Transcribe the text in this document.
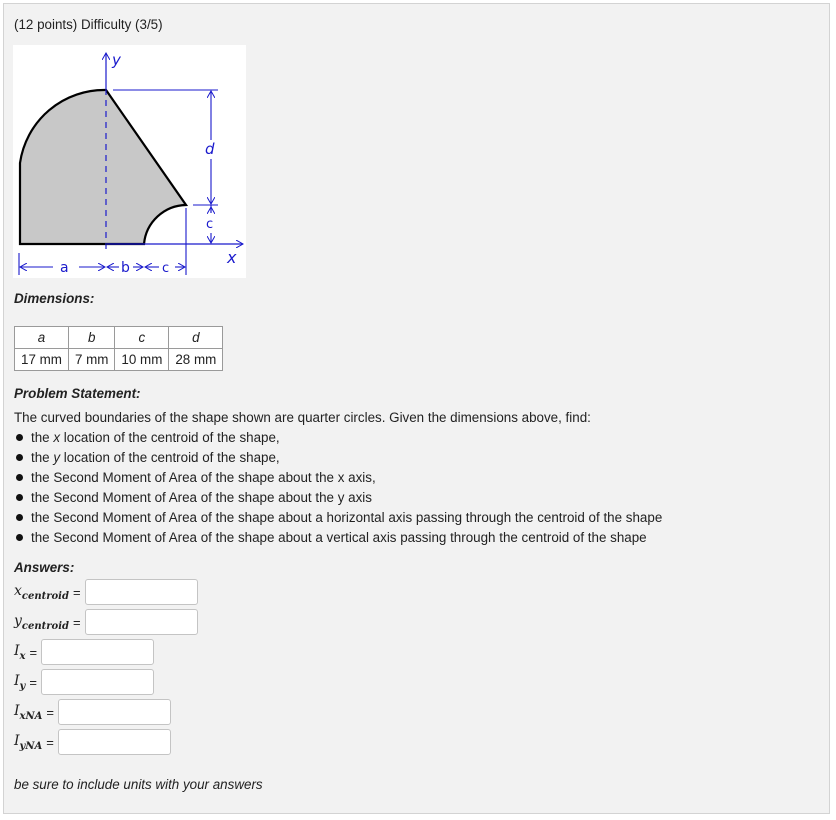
(12 points) Difficulty (3/5)
y
d
c
x
a	b c
Dimensions:
a	b	c	d
17 mm	7 mm	10 mm	28 mm
Problem Statement:
The curved boundaries of the shape shown are quarter circles. Given the dimensions above, find:
the x location of the centroid of the shape,
the y location of the centroid of the shape,
the Second Moment of Area of the shape about the x axis,
the Second Moment of Area of the shape about the y axis
the Second Moment of Area of the shape about a horizontal axis passing through the centroid of the shape
the Second Moment of Area of the shape about a vertical axis passing through the centroid of the shape
Answers:
$x_{centroid}$ =
$y_{centroid}$ =
$I_x$ =
$I_y$ =
$I_{xNA}$ =
$I_{yNA}$ =
be sure to include units with your answers
